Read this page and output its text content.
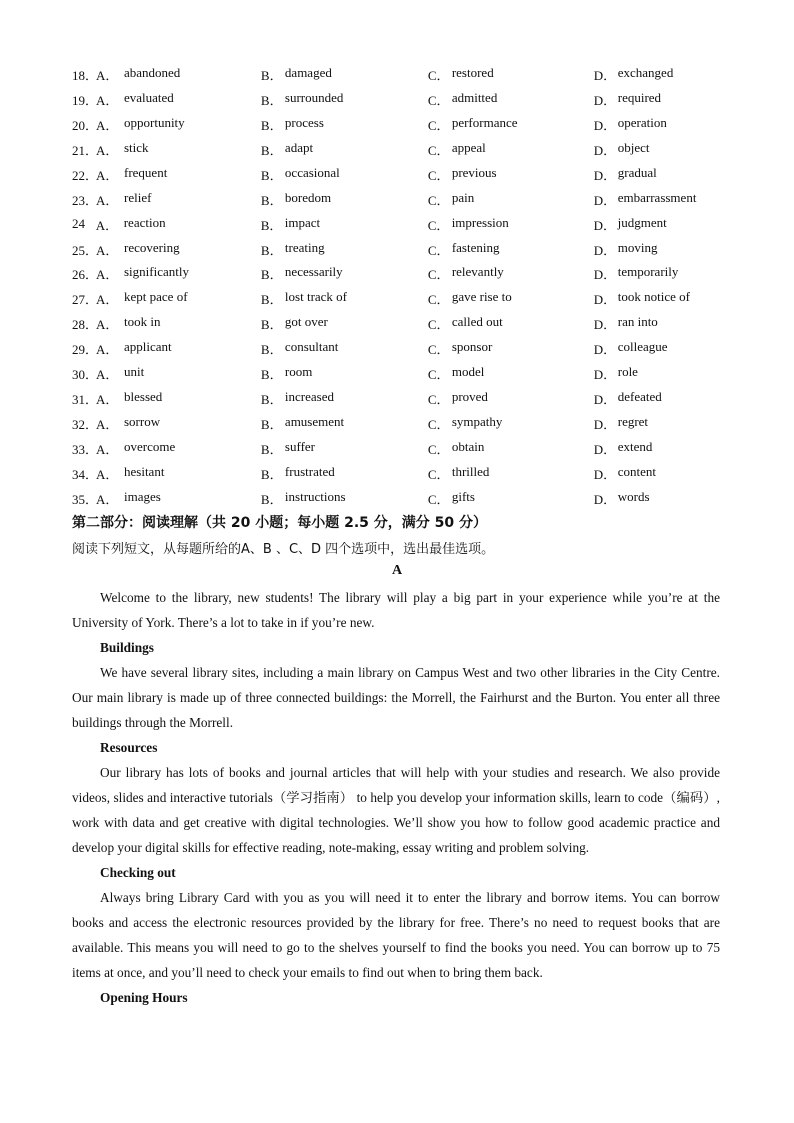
18．
A． abandoned	B． damaged	C． restored	D． exchanged
19．
A． evaluated	B． surrounded	C． admitted	D． required
20．
A． opportunity	B． process	C． performance	D． operation
21．
A． stick	B． adapt	C． appeal	D． object
22．
A． frequent	B． occasional	C． previous	D． gradual
23．
A． relief	B． boredom	C． pain	D． embarrassment
24 A． reaction	B． impact	C． impression	D． judgment
25．
A． recovering	B． treating	C． fastening	D． moving
26．
A． significantly	B． necessarily	C． relevantly	D． temporarily
27．
A． kept pace of	B． lost track of	C． gave rise to	D． took notice of
28．
A． took in	B． got over	C． called out	D． ran into
29．
A． applicant	B． consultant	C． sponsor	D． colleague
30．
A． unit	B． room	C． model	D． role
31．
A． blessed	B． increased	C． proved	D． defeated
32．
A． sorrow	B． amusement	C． sympathy	D． regret
33．
A． overcome	B． suffer	C． obtain	D． extend
34．
A． hesitant	B． frustrated	C． thrilled	D． content
35．
A． images	B． instructions	C． gifts	D． words
第二部分：阅读理解（共 20 小题；每小题 2.5 分，满分 50 分）
阅读下列短文，从每题所给的A、B 、C、D 四个选项中，选出最佳选项。
A

Welcome to the library, new students! The library will play a big part in your experience while you’re at the University of York. There’s a lot to take in if you’re new.

Buildings

We have several library sites, including a main library on Campus West and two other libraries in the City Centre. Our main library is made up of three connected buildings: the Morrell, the Fairhurst and the Burton. You enter all three buildings through the Morrell.

Resources

Our library has lots of books and journal articles that will help with your studies and research. We also provide videos, slides and interactive tutorials（学习指南） to help you develop your information skills, learn to code（编码）, work with data and get creative with digital technologies. We’ll show you how to follow good academic practice and develop your digital skills for effective reading, note-making, essay writing and problem solving.

Checking out

Always bring Library Card with you as you will need it to enter the library and borrow items. You can borrow books and access the electronic resources provided by the library for free. There’s no need to request books that are available. This means you will need to go to the shelves yourself to find the books you need. You can borrow up to 75 items at once, and you’ll need to check your emails to find out when to bring them back.

Opening Hours
